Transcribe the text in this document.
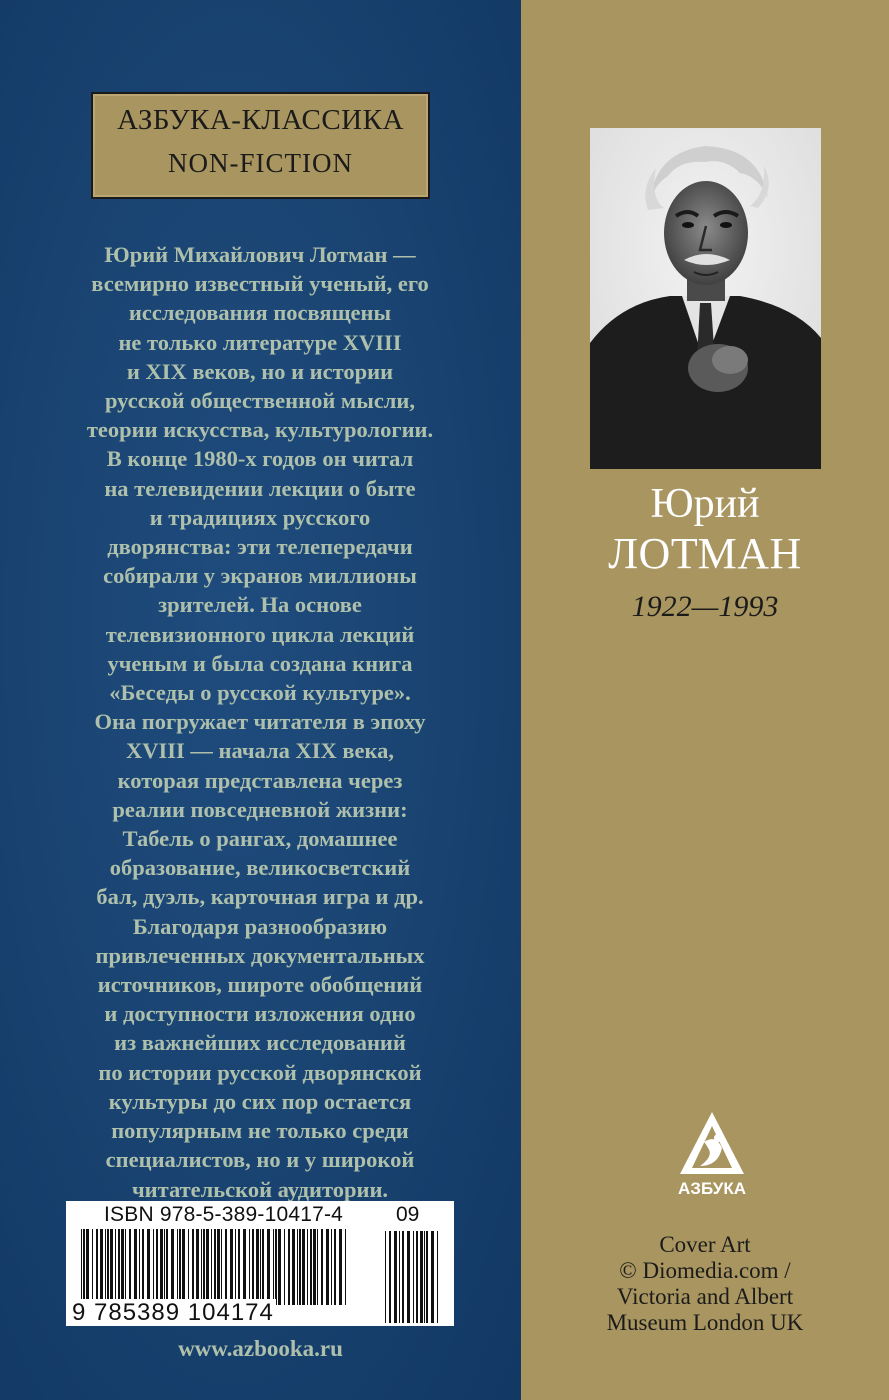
АЗБУКА-КЛАССИКА
NON-FICTION
Юрий Михайлович Лотман —
всемирно известный ученый, его
исследования посвящены
не только литературе XVIII
и XIX веков, но и истории
русской общественной мысли,
теории искусства, культурологии.
В конце 1980-х годов он читал
на телевидении лекции о быте
и традициях русского
дворянства: эти телепередачи
собирали у экранов миллионы
зрителей. На основе
телевизионного цикла лекций
ученым и была создана книга
«Беседы о русской культуре».
Она погружает читателя в эпоху
XVIII — начала XIX века,
которая представлена через
реалии повседневной жизни:
Табель о рангах, домашнее
образование, великосветский
бал, дуэль, карточная игра и др.
Благодаря разнообразию
привлеченных документальных
источников, широте обобщений
и доступности изложения одно
из важнейших исследований
по истории русской дворянской
культуры до сих пор остается
популярным не только среди
специалистов, но и у широкой
читательской аудитории.
ISBN 978-5-389-10417-4	09
9 785389 104174
www.azbooka.ru
Юрий
ЛОТМАН
1922—1993
АЗБУКА
Cover Art
© Diomedia.com /
Victoria and Albert
Museum London UK
